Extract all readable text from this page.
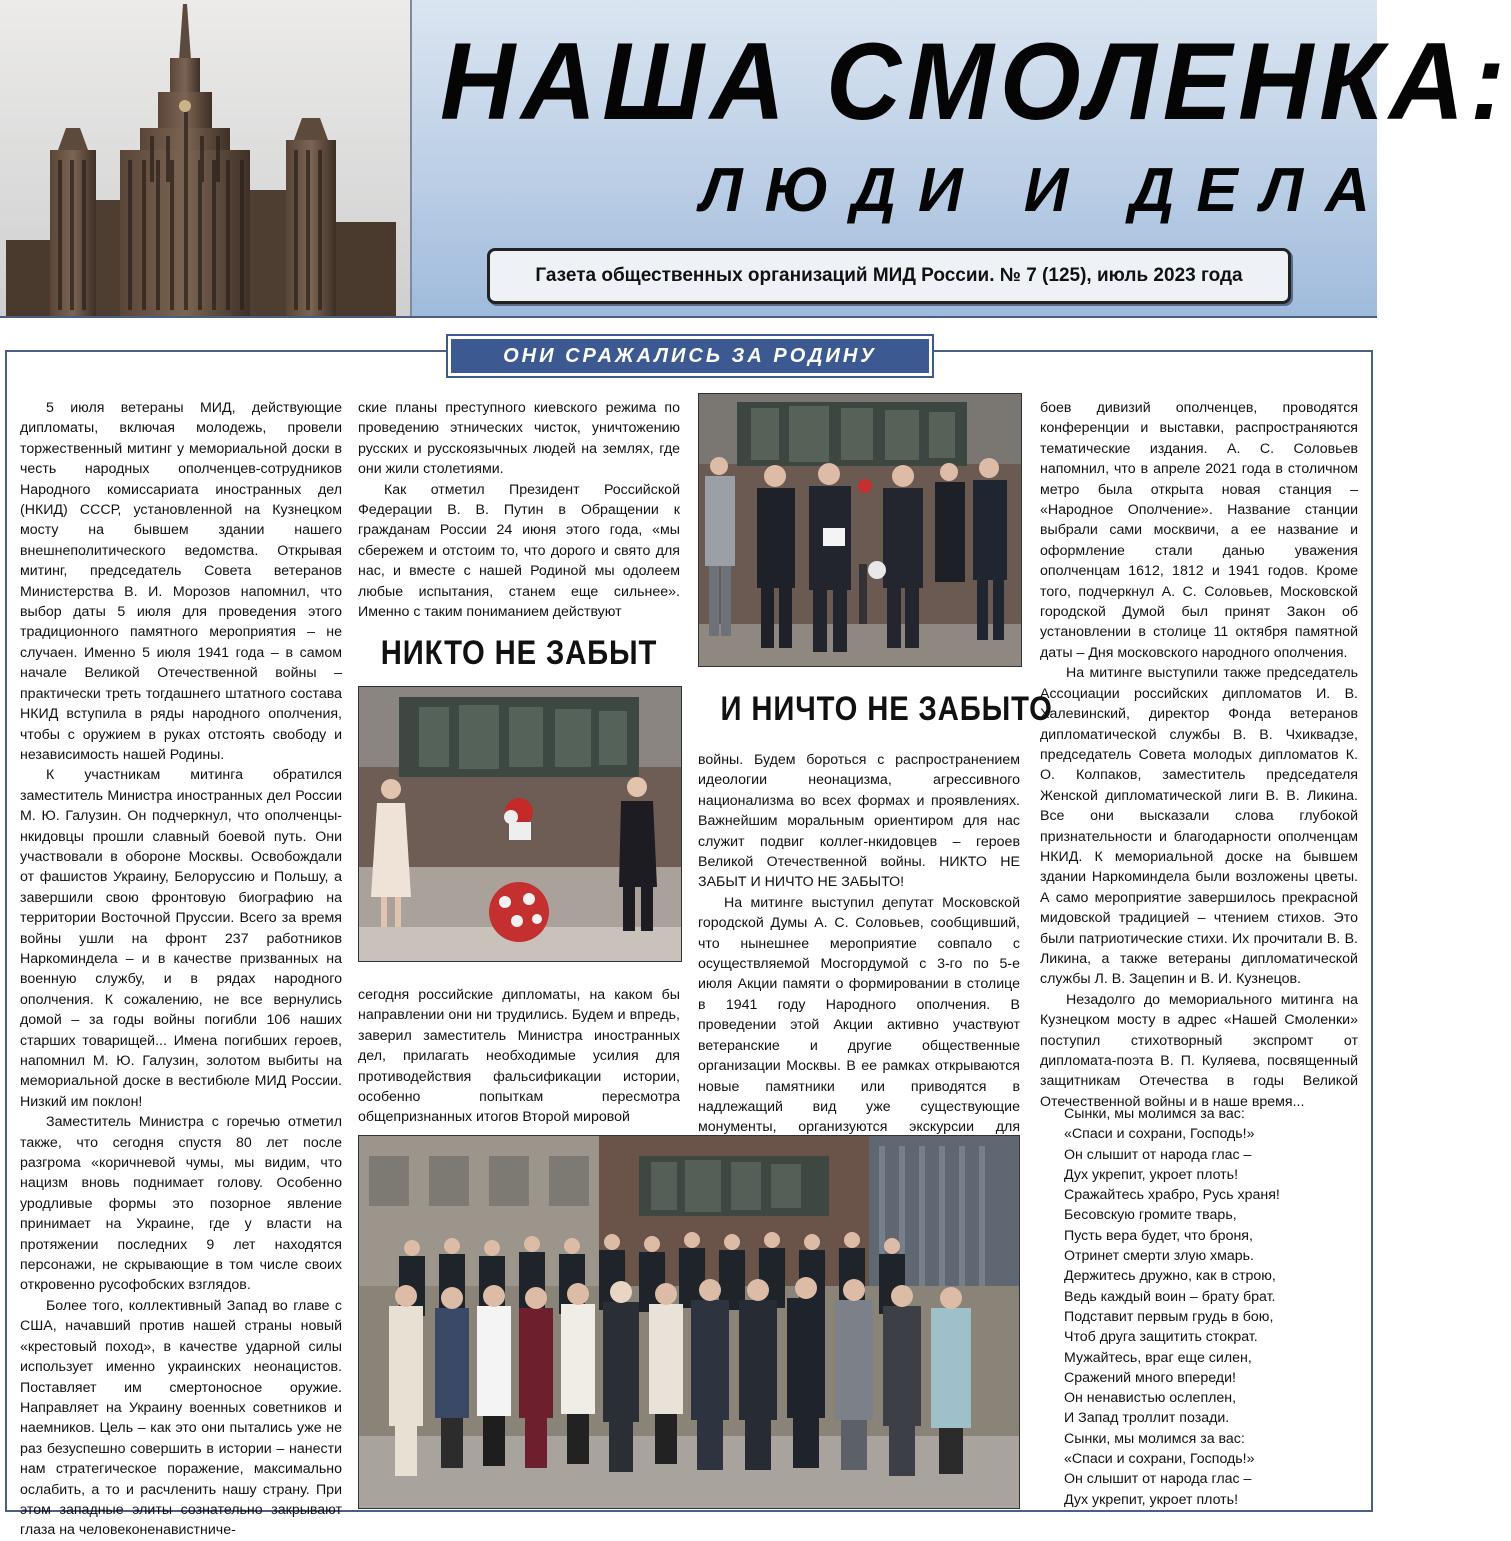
НАША СМОЛЕНКА:
ЛЮДИ И ДЕЛА
Газета общественных организаций МИД России. № 7 (125), июль 2023 года
ОНИ СРАЖАЛИСЬ ЗА РОДИНУ

5 июля ветераны МИД, действующие дипломаты, включая молодежь, провели торжественный митинг у мемориальной доски в честь народных ополченцев-сотрудников Народного комиссариата иностранных дел (НКИД) СССР, установленной на Кузнецком мосту на бывшем здании нашего внешнеполитического ведомства. Открывая митинг, председатель Совета ветеранов Министерства В. И. Морозов напомнил, что выбор даты 5 июля для проведения этого традиционного памятного мероприятия – не случаен. Именно 5 июля 1941 года – в самом начале Великой Отечественной войны – практически треть тогдашнего штатного состава НКИД вступила в ряды народного ополчения, чтобы с оружием в руках отстоять свободу и независимость нашей Родины.

К участникам митинга обратился заместитель Министра иностранных дел России М. Ю. Галузин. Он подчеркнул, что ополченцы-нкидовцы прошли славный боевой путь. Они участвовали в обороне Москвы. Освобождали от фашистов Украину, Белоруссию и Польшу, а завершили свою фронтовую биографию на территории Восточной Пруссии. Всего за время войны ушли на фронт 237 работников Наркоминдела – и в качестве призванных на военную службу, и в рядах народного ополчения. К сожалению, не все вернулись домой – за годы войны погибли 106 наших старших товарищей... Имена погибших героев, напомнил М. Ю. Галузин, золотом выбиты на мемориальной доске в вестибюле МИД России. Низкий им поклон!

Заместитель Министра с горечью отметил также, что сегодня спустя 80 лет после разгрома «коричневой чумы, мы видим, что нацизм вновь поднимает голову. Особенно уродливые формы это позорное явление принимает на Украине, где у власти на протяжении последних 9 лет находятся персонажи, не скрывающие в том числе своих откровенно русофобских взглядов.

Более того, коллективный Запад во главе с США, начавший против нашей страны новый «крестовый поход», в качестве ударной силы использует именно украинских неонацистов. Поставляет им смертоносное оружие. Направляет на Украину военных советников и наемников. Цель – как это они пытались уже не раз безуспешно совершить в истории – нанести нам стратегическое поражение, максимально ослабить, а то и расчленить нашу страну. При этом западные элиты сознательно закрывают глаза на человеконенавистниче-

ские планы преступного киевского режима по проведению этнических чисток, уничтожению русских и русскоязычных людей на землях, где они жили столетиями.

Как отметил Президент Российской Федерации В. В. Путин в Обращении к гражданам России 24 июня этого года, «мы сбережем и отстоим то, что дорого и свято для нас, и вместе с нашей Родиной мы одолеем любые испытания, станем еще сильнее». Именно с таким пониманием действуют

НИКТО НЕ ЗАБЫТ

сегодня российские дипломаты, на каком бы направлении они ни трудились. Будем и впредь, заверил заместитель Министра иностранных дел, прилагать необходимые усилия для противодействия фальсификации истории, особенно попыткам пересмотра общепризнанных итогов Второй мировой

И НИЧТО НЕ ЗАБЫТО

войны. Будем бороться с распространением идеологии неонацизма, агрессивного национализма во всех формах и проявлениях. Важнейшим моральным ориентиром для нас служит подвиг коллег-нкидовцев – героев Великой Отечественной войны. НИКТО НЕ ЗАБЫТ И НИЧТО НЕ ЗАБЫТО!

На митинге выступил депутат Московской городской Думы А. С. Соловьев, сообщивший, что нынешнее мероприятие совпало с осуществляемой Мосгордумой с 3-го по 5-е июля Акции памяти о формировании в столице в 1941 году Народного ополчения. В проведении этой Акции активно участвуют ветеранские и другие общественные организации Москвы. В ее рамках открываются новые памятники или приводятся в надлежащий вид уже существующие монументы, организуются экскурсии для

боев дивизий ополченцев, проводятся конференции и выставки, распространяются тематические издания. А. С. Соловьев напомнил, что в апреле 2021 года в столичном метро была открыта новая станция – «Народное Ополчение». Название станции выбрали сами москвичи, а ее название и оформление стали данью уважения ополченцам 1612, 1812 и 1941 годов. Кроме того, подчеркнул А. С. Соловьев, Московской городской Думой был принят Закон об установлении в столице 11 октября памятной даты – Дня московского народного ополчения.

На митинге выступили также председатель Ассоциации российских дипломатов И. В. Халевинский, директор Фонда ветеранов дипломатической службы В. В. Чхиквадзе, председатель Совета молодых дипломатов К. О. Колпаков, заместитель председателя Женской дипломатической лиги В. В. Ликина. Все они высказали слова глубокой признательности и благодарности ополченцам НКИД. К мемориальной доске на бывшем здании Наркоминдела были возложены цветы. А само мероприятие завершилось прекрасной мидовской традицией – чтением стихов. Это были патриотические стихи. Их прочитали В. В. Ликина, а также ветераны дипломатической службы Л. В. Зацепин и В. И. Кузнецов.

Незадолго до мемориального митинга на Кузнецком мосту в адрес «Нашей Смоленки» поступил стихотворный экспромт от дипломата-поэта В. П. Куляева, посвященный защитникам Отечества в годы Великой Отечественной войны и в наше время...

Сынки, мы молимся за вас:
«Спаси и сохрани, Господь!»
Он слышит от народа глас –
Дух укрепит, укроет плоть!
Сражайтесь храбро, Русь храня!
Бесовскую громите тварь,
Пусть вера будет, что броня,
Отринет смерти злую хмарь.
Держитесь дружно, как в строю,
Ведь каждый воин – брату брат.
Подставит первым грудь в бою,
Чтоб друга защитить стократ.
Мужайтесь, враг еще силен,
Сражений много впереди!
Он ненавистью ослеплен,
И Запад троллит позади.
Сынки, мы молимся за вас:
«Спаси и сохрани, Господь!»
Он слышит от народа глас –
Дух укрепит, укроет плоть!
